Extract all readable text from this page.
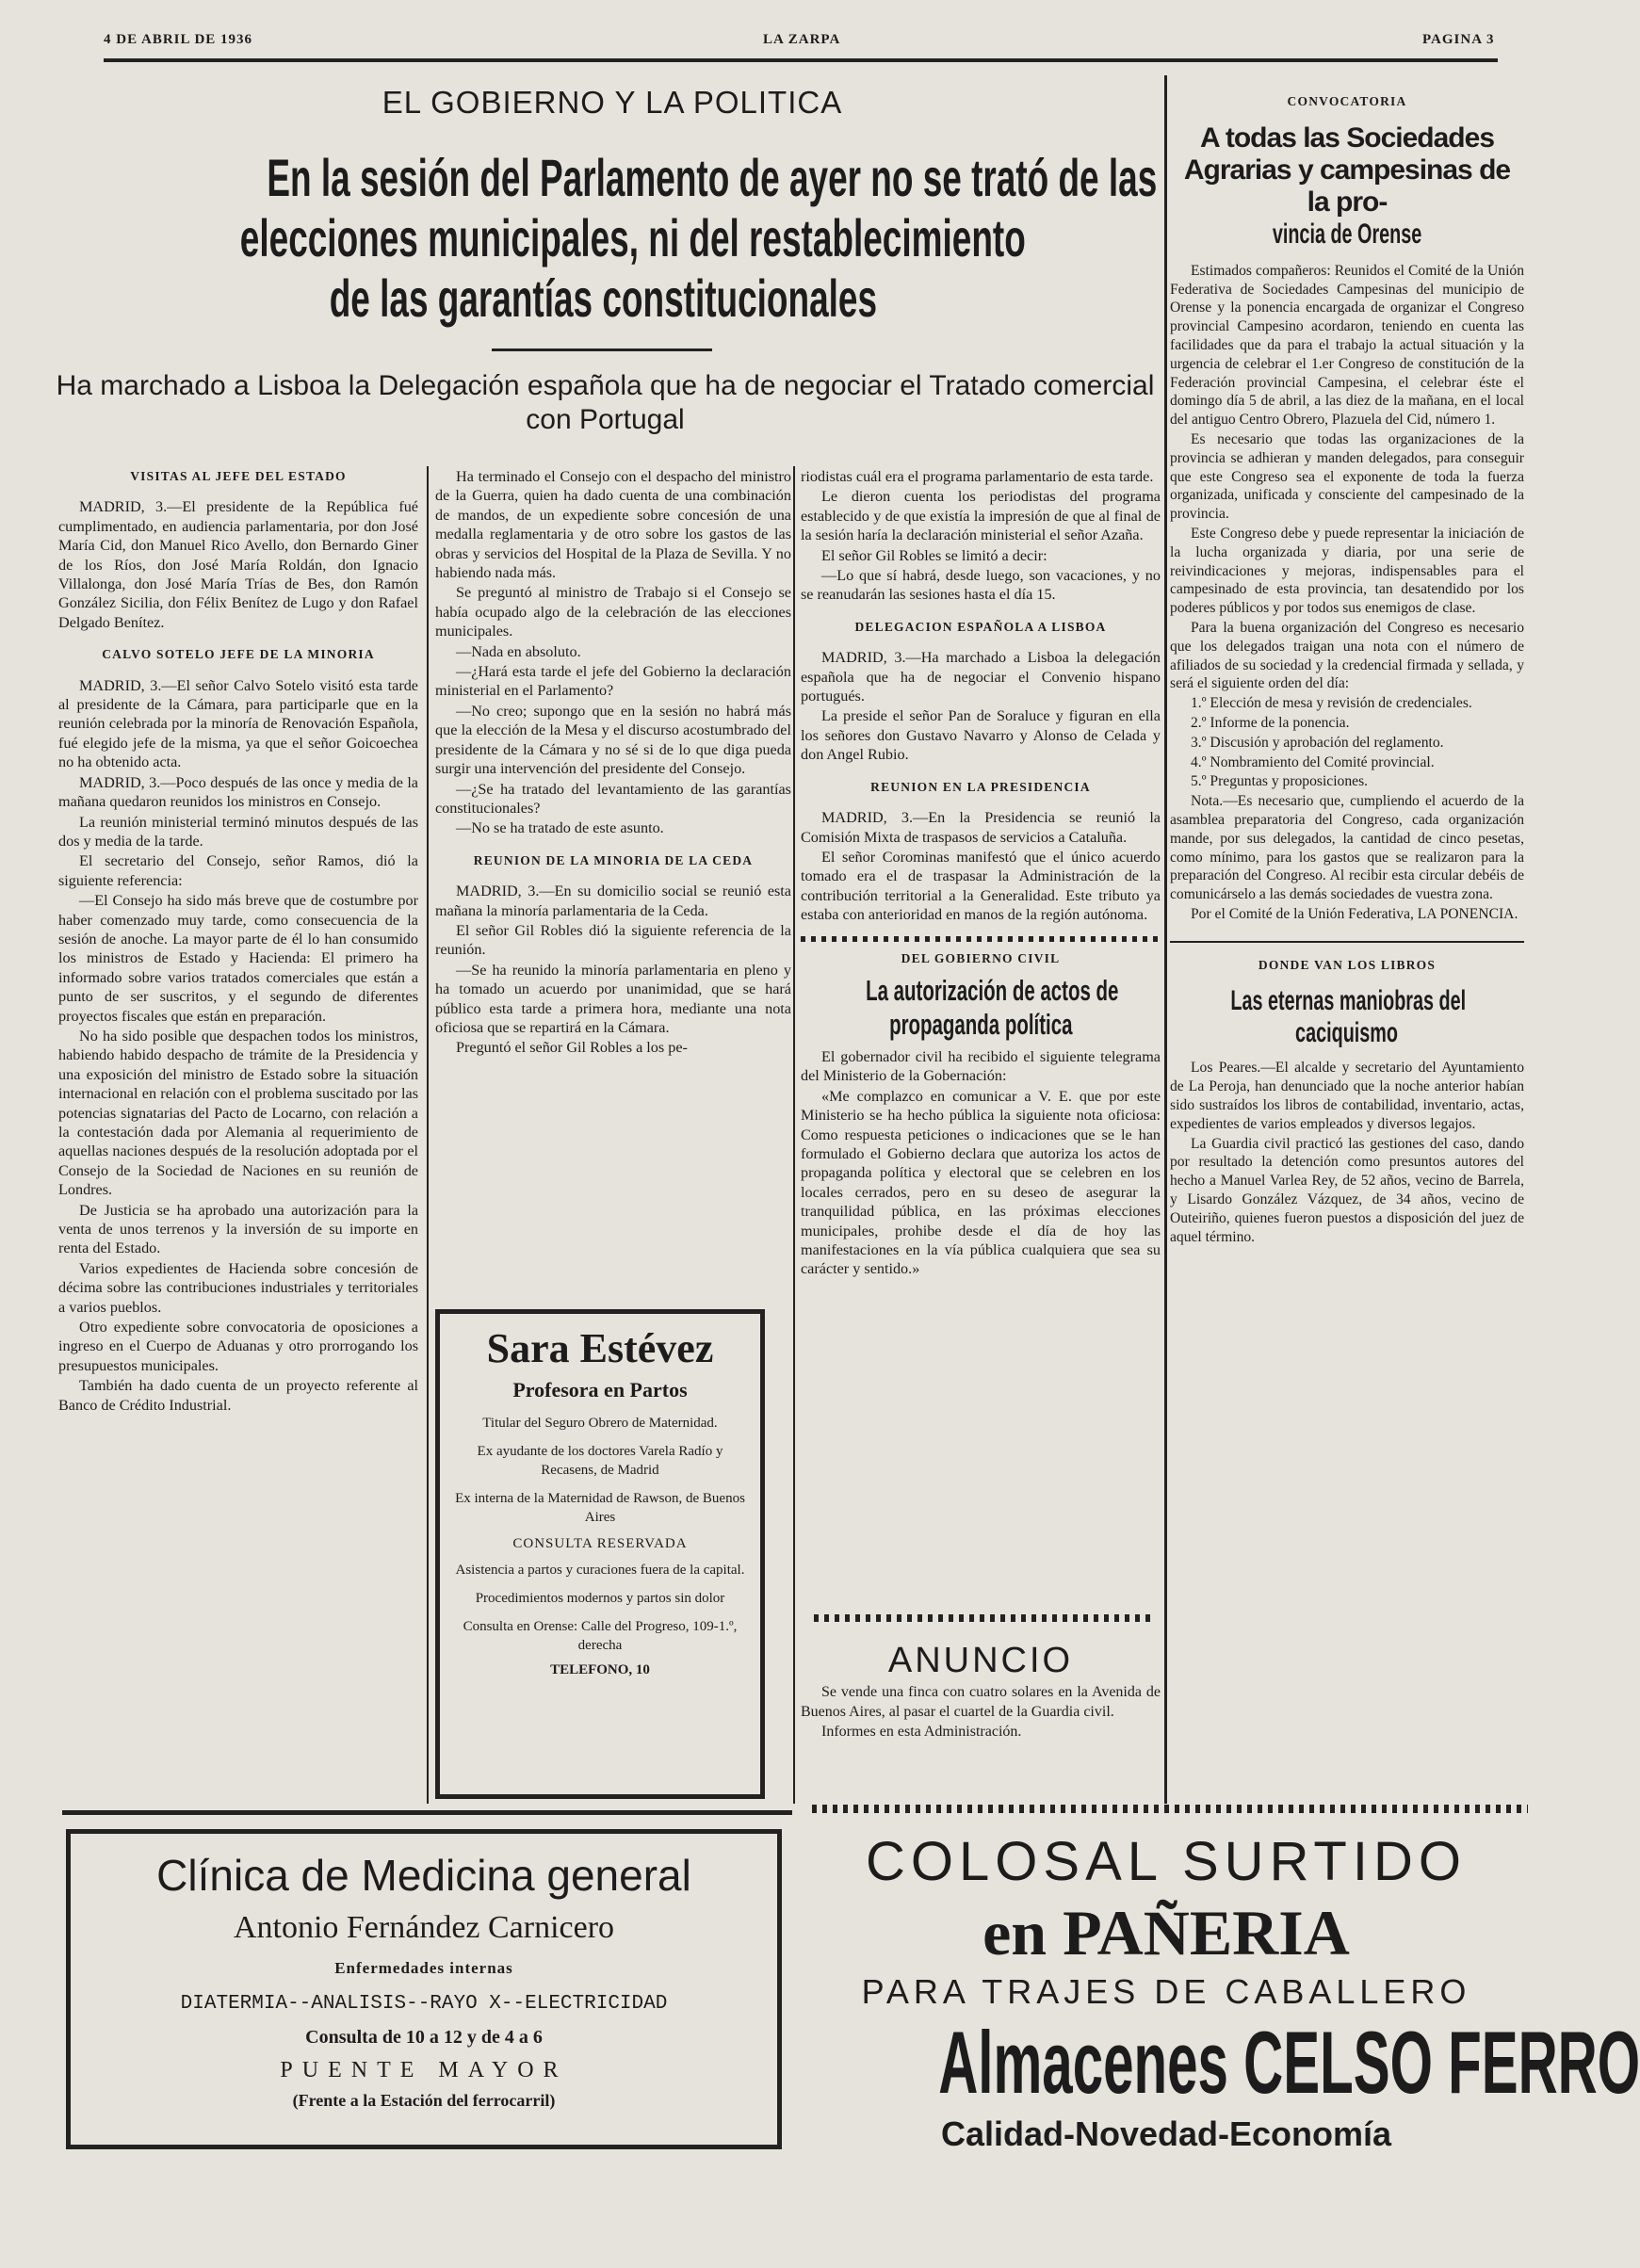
4 DE ABRIL DE 1936	LA ZARPA	PAGINA 3
EL GOBIERNO Y LA POLITICA
En la sesión del Parlamento de ayer no se trató de las
elecciones municipales, ni del restablecimiento
de las garantías constitucionales
Ha marchado a Lisboa la Delegación española que ha de negociar el Tratado comercial con Portugal

VISITAS AL JEFE DEL ESTADO

MADRID, 3.—El presidente de la República fué cumplimentado, en audiencia parlamentaria, por don José María Cid, don Manuel Rico Avello, don Bernardo Giner de los Ríos, don José María Roldán, don Ignacio Villalonga, don José María Trías de Bes, don Ramón González Sicilia, don Félix Benítez de Lugo y don Rafael Delgado Benítez.

CALVO SOTELO JEFE DE LA MINORIA

MADRID, 3.—El señor Calvo Sotelo visitó esta tarde al presidente de la Cámara, para participarle que en la reunión celebrada por la minoría de Renovación Española, fué elegido jefe de la misma, ya que el señor Goicoechea no ha obtenido acta.

MADRID, 3.—Poco después de las once y media de la mañana quedaron reunidos los ministros en Consejo.

La reunión ministerial terminó minutos después de las dos y media de la tarde.

El secretario del Consejo, señor Ramos, dió la siguiente referencia:

—El Consejo ha sido más breve que de costumbre por haber comenzado muy tarde, como consecuencia de la sesión de anoche. La mayor parte de él lo han consumido los ministros de Estado y Hacienda: El primero ha informado sobre varios tratados comerciales que están a punto de ser suscritos, y el segundo de diferentes proyectos fiscales que están en preparación.

No ha sido posible que despachen todos los ministros, habiendo habido despacho de trámite de la Presidencia y una exposición del ministro de Estado sobre la situación internacional en relación con el problema suscitado por las potencias signatarias del Pacto de Locarno, con relación a la contestación dada por Alemania al requerimiento de aquellas naciones después de la resolución adoptada por el Consejo de la Sociedad de Naciones en su reunión de Londres.

De Justicia se ha aprobado una autorización para la venta de unos terrenos y la inversión de su importe en renta del Estado.

Varios expedientes de Hacienda sobre concesión de décima sobre las contribuciones industriales y territoriales a varios pueblos.

Otro expediente sobre convocatoria de oposiciones a ingreso en el Cuerpo de Aduanas y otro prorrogando los presupuestos municipales.

También ha dado cuenta de un proyecto referente al Banco de Crédito Industrial.

Ha terminado el Consejo con el despacho del ministro de la Guerra, quien ha dado cuenta de una combinación de mandos, de un expediente sobre concesión de una medalla reglamentaria y de otro sobre los gastos de las obras y servicios del Hospital de la Plaza de Sevilla. Y no habiendo nada más.

Se preguntó al ministro de Trabajo si el Consejo se había ocupado algo de la celebración de las elecciones municipales.

—Nada en absoluto.

—¿Hará esta tarde el jefe del Gobierno la declaración ministerial en el Parlamento?

—No creo; supongo que en la sesión no habrá más que la elección de la Mesa y el discurso acostumbrado del presidente de la Cámara y no sé si de lo que diga pueda surgir una intervención del presidente del Consejo.

—¿Se ha tratado del levantamiento de las garantías constitucionales?

—No se ha tratado de este asunto.

REUNION DE LA MINORIA DE LA CEDA

MADRID, 3.—En su domicilio social se reunió esta mañana la minoría parlamentaria de la Ceda.

El señor Gil Robles dió la siguiente referencia de la reunión.

—Se ha reunido la minoría parlamentaria en pleno y ha tomado un acuerdo por unanimidad, que se hará público esta tarde a primera hora, mediante una nota oficiosa que se repartirá en la Cámara.

Preguntó el señor Gil Robles a los pe-

Sara Estévez
Profesora en Partos
Titular del Seguro Obrero de Maternidad.
Ex ayudante de los doctores Varela Radío y Recasens, de Madrid
Ex interna de la Maternidad de Rawson, de Buenos Aires
CONSULTA RESERVADA
Asistencia a partos y curaciones fuera de la capital.
Procedimientos modernos y partos sin dolor
Consulta en Orense: Calle del Progreso, 109-1.º, derecha
TELEFONO, 10

riodistas cuál era el programa parlamentario de esta tarde.

Le dieron cuenta los periodistas del programa establecido y de que existía la impresión de que al final de la sesión haría la declaración ministerial el señor Azaña.

El señor Gil Robles se limitó a decir:

—Lo que sí habrá, desde luego, son vacaciones, y no se reanudarán las sesiones hasta el día 15.

DELEGACION ESPAÑOLA A LISBOA

MADRID, 3.—Ha marchado a Lisboa la delegación española que ha de negociar el Convenio hispano portugués.

La preside el señor Pan de Soraluce y figuran en ella los señores don Gustavo Navarro y Alonso de Celada y don Angel Rubio.

REUNION EN LA PRESIDENCIA

MADRID, 3.—En la Presidencia se reunió la Comisión Mixta de traspasos de servicios a Cataluña.

El señor Corominas manifestó que el único acuerdo tomado era el de traspasar la Administración de la contribución territorial a la Generalidad. Este tributo ya estaba con anterioridad en manos de la región autónoma.

DEL GOBIERNO CIVIL

La autorización de actos de
propaganda política

El gobernador civil ha recibido el siguiente telegrama del Ministerio de la Gobernación:

«Me complazco en comunicar a V. E. que por este Ministerio se ha hecho pública la siguiente nota oficiosa: Como respuesta peticiones o indicaciones que se le han formulado el Gobierno declara que autoriza los actos de propaganda política y electoral que se celebren en los locales cerrados, pero en su deseo de asegurar la tranquilidad pública, en las próximas elecciones municipales, prohibe desde el día de hoy las manifestaciones en la vía pública cualquiera que sea su carácter y sentido.»

ANUNCIO
Se vende una finca con cuatro solares en la Avenida de Buenos Aires, al pasar el cuartel de la Guardia civil.
Informes en esta Administración.

CONVOCATORIA

A todas las Sociedades Agrarias y campesinas de la pro-
vincia de Orense

Estimados compañeros: Reunidos el Comité de la Unión Federativa de Sociedades Campesinas del municipio de Orense y la ponencia encargada de organizar el Congreso provincial Campesino acordaron, teniendo en cuenta las facilidades que da para el trabajo la actual situación y la urgencia de celebrar el 1.er Congreso de constitución de la Federación provincial Campesina, el celebrar éste el domingo día 5 de abril, a las diez de la mañana, en el local del antiguo Centro Obrero, Plazuela del Cid, número 1.

Es necesario que todas las organizaciones de la provincia se adhieran y manden delegados, para conseguir que este Congreso sea el exponente de toda la fuerza organizada, unificada y consciente del campesinado de la provincia.

Este Congreso debe y puede representar la iniciación de la lucha organizada y diaria, por una serie de reivindicaciones y mejoras, indispensables para el campesinado de esta provincia, tan desatendido por los poderes públicos y por todos sus enemigos de clase.

Para la buena organización del Congreso es necesario que los delegados traigan una nota con el número de afiliados de su sociedad y la credencial firmada y sellada, y será el siguiente orden del día:

1.º Elección de mesa y revisión de credenciales.

2.º Informe de la ponencia.

3.º Discusión y aprobación del reglamento.

4.º Nombramiento del Comité provincial.

5.º Preguntas y proposiciones.

Nota.—Es necesario que, cumpliendo el acuerdo de la asamblea preparatoria del Congreso, cada organización mande, por sus delegados, la cantidad de cinco pesetas, como mínimo, para los gastos que se realizaron para la preparación del Congreso. Al recibir esta circular debéis de comunicárselo a las demás sociedades de vuestra zona.

Por el Comité de la Unión Federativa, LA PONENCIA.

DONDE VAN LOS LIBROS

Las eternas maniobras del
caciquismo

Los Peares.—El alcalde y secretario del Ayuntamiento de La Peroja, han denunciado que la noche anterior habían sido sustraídos los libros de contabilidad, inventario, actas, expedientes de varios empleados y diversos legajos.

La Guardia civil practicó las gestiones del caso, dando por resultado la detención como presuntos autores del hecho a Manuel Varlea Rey, de 52 años, vecino de Barrela, y Lisardo González Vázquez, de 34 años, vecino de Outeiriño, quienes fueron puestos a disposición del juez de aquel término.

Clínica de Medicina general
Antonio Fernández Carnicero
Enfermedades internas
DIATERMIA--ANALISIS--RAYO X--ELECTRICIDAD
Consulta de 10 a 12 y de 4 a 6
PUENTE MAYOR
(Frente a la Estación del ferrocarril)
COLOSAL SURTIDO
en PAÑERIA
PARA TRAJES DE CABALLERO
Almacenes CELSO FERRO
Calidad-Novedad-Economía
